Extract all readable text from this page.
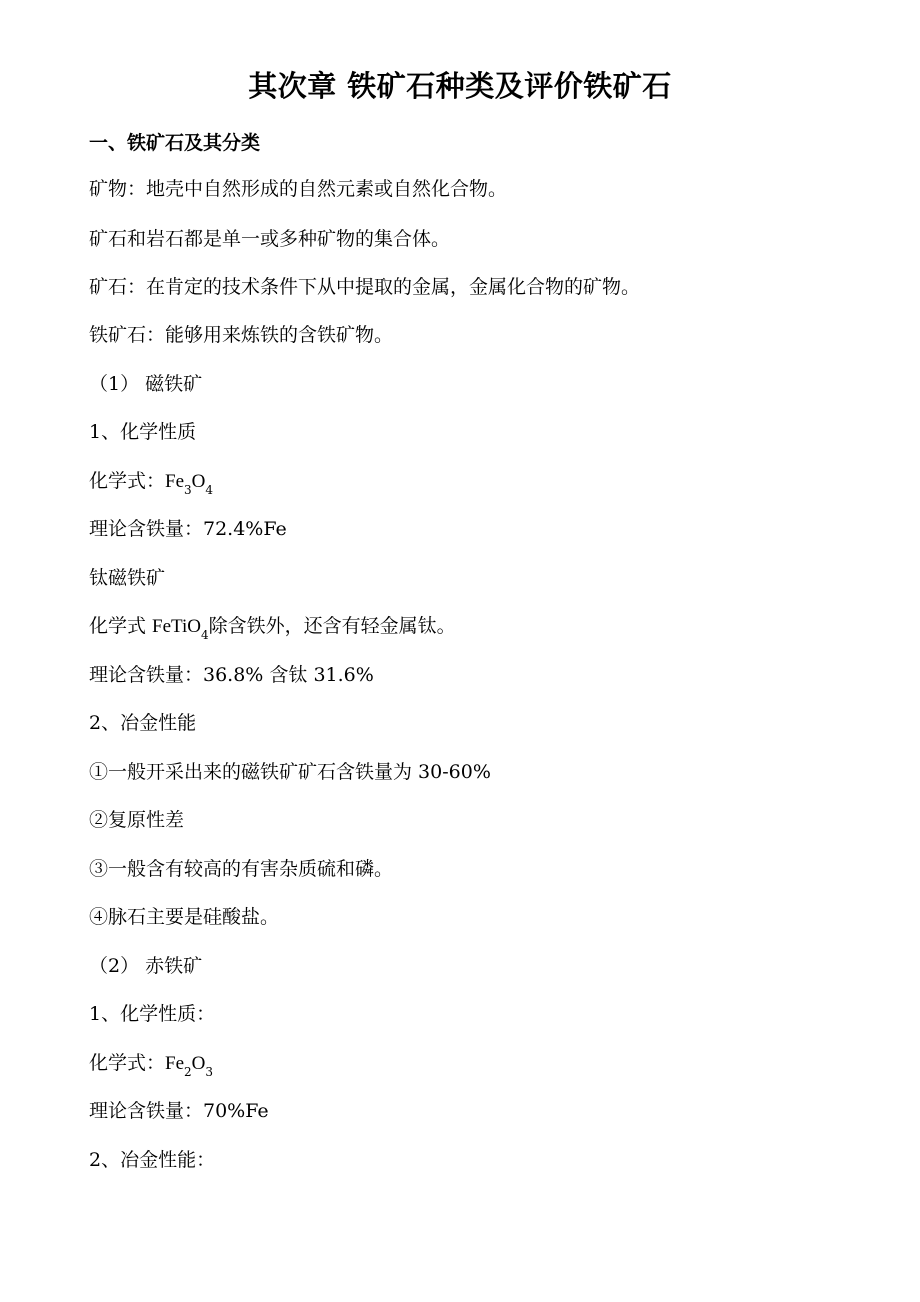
其次章 铁矿石种类及评价铁矿石
一、铁矿石及其分类
矿物：地壳中自然形成的自然元素或自然化合物。
矿石和岩石都是单一或多种矿物的集合体。
矿石：在肯定的技术条件下从中提取的金属，金属化合物的矿物。
铁矿石：能够用来炼铁的含铁矿物。
（1） 磁铁矿
1、化学性质
化学式：$Fe_3O_4$
理论含铁量：72.4%Fe
钛磁铁矿
化学式 FeTiO$_4$除含铁外，还含有轻金属钛。
理论含铁量：36.8% 含钛 31.6%
2、冶金性能
①一般开采出来的磁铁矿矿石含铁量为 30-60%
②复原性差
③一般含有较高的有害杂质硫和磷。
④脉石主要是硅酸盐。
（2） 赤铁矿
1、化学性质：
化学式：$Fe_2O_3$
理论含铁量：70%Fe
2、冶金性能：
